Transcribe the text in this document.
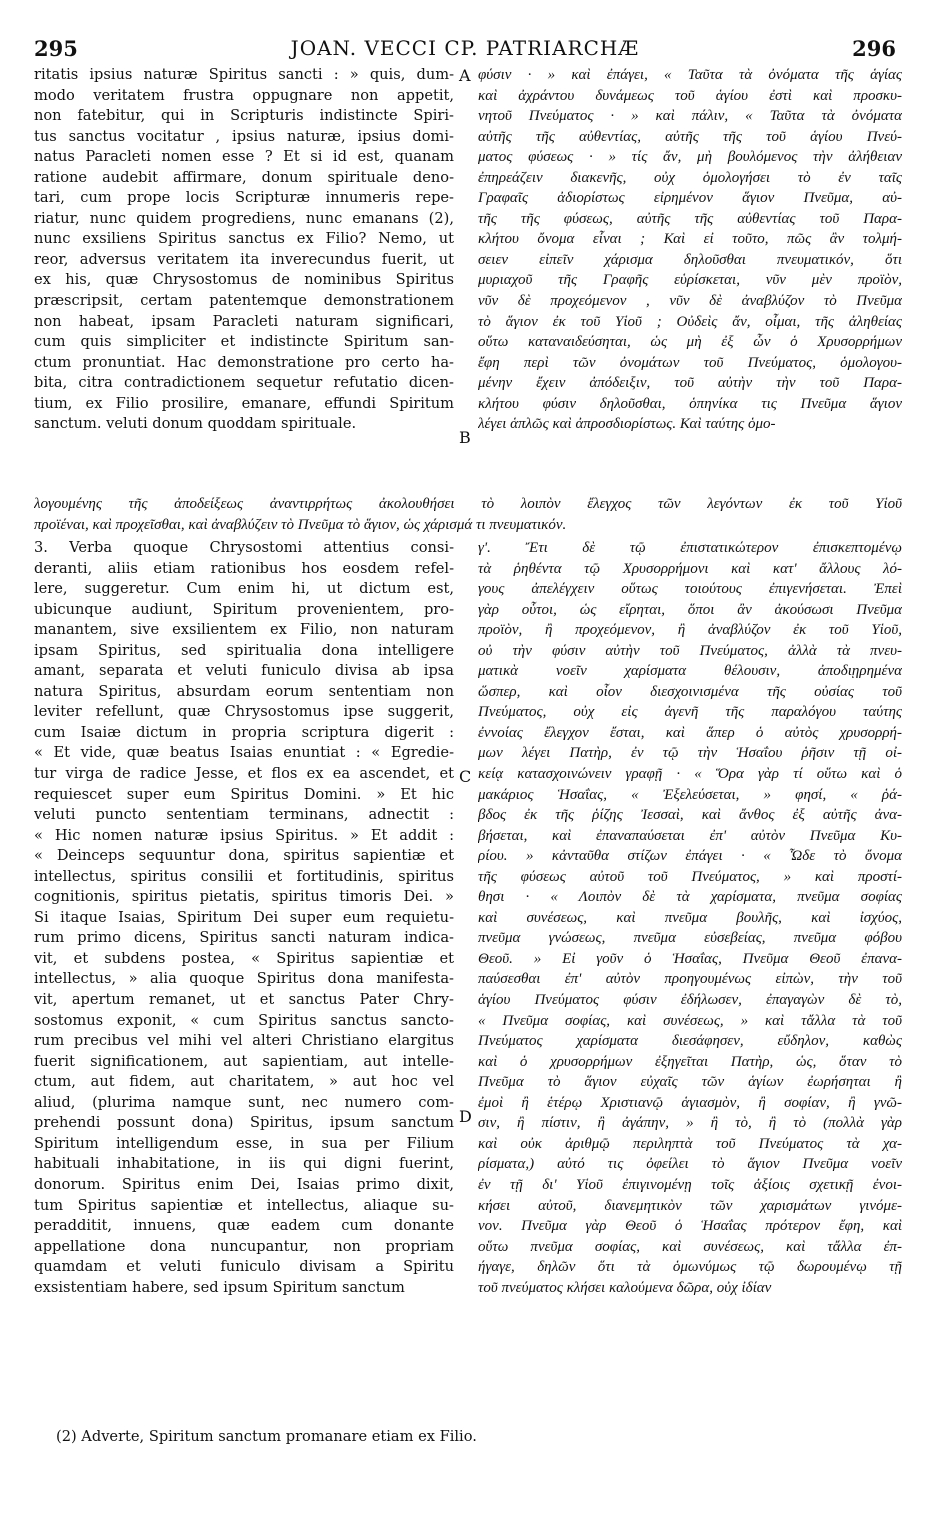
295	JOAN. VECCI CP. PATRIARCHÆ	296
A
B
C
D

ritatis ipsius naturæ Spiritus sancti : » quis, dum-

modo veritatem frustra oppugnare non appetit,

non fatebitur, qui in Scripturis indistincte Spiri-

tus sanctus vocitatur , ipsius naturæ, ipsius domi-

natus Paracleti nomen esse ? Et si id est, quanam

ratione audebit affirmare, donum spirituale deno-

tari, cum prope locis Scripturæ innumeris repe-

riatur, nunc quidem progrediens, nunc emanans (2),

nunc exsiliens Spiritus sanctus ex Filio? Nemo, ut

reor, adversus veritatem ita inverecundus fuerit, ut

ex his, quæ Chrysostomus de nominibus Spiritus

præscripsit, certam patentemque demonstrationem

non habeat, ipsam Paracleti naturam significari,

cum quis simpliciter et indistincte Spiritum san-

ctum pronuntiat. Hac demonstratione pro certo ha-

bita, citra contradictionem sequetur refutatio dicen-

tium, ex Filio prosilire, emanare, effundi Spiritum

sanctum. veluti donum quoddam spirituale.

φύσιν · » καὶ ἐπάγει, « Ταῦτα τὰ ὀνόματα τῆς ἁγίας

καὶ ἀχράντου δυνάμεως τοῦ ἁγίου ἐστὶ καὶ προσκυ-

νητοῦ Πνεύματος · » καὶ πάλιν, « Ταῦτα τὰ ὀνόματα

αὐτῆς τῆς αὐθεντίας, αὐτῆς τῆς τοῦ ἁγίου Πνεύ-

ματος φύσεως · » τίς ἄν, μὴ βουλόμενος τὴν ἀλήθειαν

ἐπηρεάζειν διακενῆς, οὐχ ὁμολογήσει τὸ ἐν ταῖς

Γραφαῖς ἀδιορίστως εἰρημένον ἅγιον Πνεῦμα, αὐ-

τῆς τῆς φύσεως, αὐτῆς τῆς αὐθεντίας τοῦ Παρα-

κλήτου ὄνομα εἶναι ; Καὶ εἰ τοῦτο, πῶς ἂν τολμή-

σειεν εἰπεῖν χάρισμα δηλοῦσθαι πνευματικόν, ὅτι

μυριαχοῦ τῆς Γραφῆς εὑρίσκεται, νῦν μὲν προϊὸν,

νῦν δὲ προχεόμενον , νῦν δὲ ἀναβλύζον τὸ Πνεῦμα

τὸ ἅγιον ἐκ τοῦ Υἱοῦ ; Οὐδεὶς ἄν, οἶμαι, τῆς ἀληθείας

οὕτω καταναιδεύσηται, ὡς μὴ ἐξ ὧν ὁ Χρυσορρήμων

ἔφη περὶ τῶν ὀνομάτων τοῦ Πνεύματος, ὁμολογου-

μένην ἔχειν ἀπόδειξιν, τοῦ αὐτὴν τὴν τοῦ Παρα-

κλήτου φύσιν δηλοῦσθαι, ὁπηνίκα τις Πνεῦμα ἅγιον

λέγει ἁπλῶς καὶ ἀπροσδιορίστως. Καὶ ταύτης ὁμο-

λογουμένης τῆς ἀποδείξεως ἀναντιρρήτως ἀκολουθήσει τὸ λοιπὸν ἔλεγχος τῶν λεγόντων ἐκ τοῦ Υἱοῦ

προϊέναι, καὶ προχεῖσθαι, καὶ ἀναβλύζειν τὸ Πνεῦμα τὸ ἅγιον, ὡς χάρισμά τι πνευματικόν.

3. Verba quoque Chrysostomi attentius consi-

deranti, aliis etiam rationibus hos eosdem refel-

lere, suggeretur. Cum enim hi, ut dictum est,

ubicunque audiunt, Spiritum provenientem, pro-

manantem, sive exsilientem ex Filio, non naturam

ipsam Spiritus, sed spiritualia dona intelligere

amant, separata et veluti funiculo divisa ab ipsa

natura Spiritus, absurdam eorum sententiam non

leviter refellunt, quæ Chrysostomus ipse suggerit,

cum Isaiæ dictum in propria scriptura digerit :

« Et vide, quæ beatus Isaias enuntiat : « Egredie-

tur virga de radice Jesse, et flos ex ea ascendet, et

requiescet super eum Spiritus Domini. » Et hic

veluti puncto sententiam terminans, adnectit :

« Hic nomen naturæ ipsius Spiritus. » Et addit :

« Deinceps sequuntur dona, spiritus sapientiæ et

intellectus, spiritus consilii et fortitudinis, spiritus

cognitionis, spiritus pietatis, spiritus timoris Dei. »

Si itaque Isaias, Spiritum Dei super eum requietu-

rum primo dicens, Spiritus sancti naturam indica-

vit, et subdens postea, « Spiritus sapientiæ et

intellectus, » alia quoque Spiritus dona manifesta-

vit, apertum remanet, ut et sanctus Pater Chry-

sostomus exponit, « cum Spiritus sanctus sancto-

rum precibus vel mihi vel alteri Christiano elargitus

fuerit significationem, aut sapientiam, aut intelle-

ctum, aut fidem, aut charitatem, » aut hoc vel

aliud, (plurima namque sunt, nec numero com-

prehendi possunt dona) Spiritus, ipsum sanctum

Spiritum intelligendum esse, in sua per Filium

habituali inhabitatione, in iis qui digni fuerint,

donorum. Spiritus enim Dei, Isaias primo dixit,

tum Spiritus sapientiæ et intellectus, aliaque su-

peradditit, innuens, quæ eadem cum donante

appellatione dona nuncupantur, non propriam

quamdam et veluti funiculo divisam a Spiritu

exsistentiam habere, sed ipsum Spiritum sanctum

γ'. Ἔτι δὲ τῷ ἐπιστατικώτερον ἐπισκεπτομένῳ

τὰ ῥηθέντα τῷ Χρυσορρήμονι καὶ κατ' ἄλλους λό-

γους ἀπελέγχειν οὕτως τοιούτους ἐπιγενήσεται. Ἐπεὶ

γὰρ οὗτοι, ὡς εἴρηται, ὅποι ἂν ἀκούσωσι Πνεῦμα

προϊὸν, ἢ προχεόμενον, ἢ ἀναβλύζον ἐκ τοῦ Υἱοῦ,

οὐ τὴν φύσιν αὐτὴν τοῦ Πνεύματος, ἀλλὰ τὰ πνευ-

ματικὰ νοεῖν χαρίσματα θέλουσιν, ἀποδιῃρημένα

ὥσπερ, καὶ οἷον διεσχοινισμένα τῆς οὐσίας τοῦ

Πνεύματος, οὐχ εἰς ἀγενῆ τῆς παραλόγου ταύτης

ἐννοίας ἔλεγχον ἔσται, καὶ ἅπερ ὁ αὐτὸς χρυσορρή-

μων λέγει Πατὴρ, ἐν τῷ τὴν Ἡσαΐου ῥῆσιν τῇ οἰ-

κείᾳ κατασχοινώνειν γραφῇ · « Ὅρα γὰρ τί οὕτω καὶ ὁ

μακάριος Ἡσαΐας, « Ἐξελεύσεται, » φησί, « ῥά-

βδος ἐκ τῆς ῥίζης Ἰεσσαὶ, καὶ ἄνθος ἐξ αὐτῆς ἀνα-

βήσεται, καὶ ἐπαναπαύσεται ἐπ' αὐτὸν Πνεῦμα Κυ-

ρίου. » κἀνταῦθα στίζων ἐπάγει · « Ὧδε τὸ ὄνομα

τῆς φύσεως αὐτοῦ τοῦ Πνεύματος, » καὶ προστί-

θησι · « Λοιπὸν δὲ τὰ χαρίσματα, πνεῦμα σοφίας

καὶ συνέσεως, καὶ πνεῦμα βουλῆς, καὶ ἰσχύος,

πνεῦμα γνώσεως, πνεῦμα εὐσεβείας, πνεῦμα φόβου

Θεοῦ. » Εἰ γοῦν ὁ Ἡσαΐας, Πνεῦμα Θεοῦ ἐπανα-

παύσεσθαι ἐπ' αὐτὸν προηγουμένως εἰπὼν, τὴν τοῦ

ἁγίου Πνεύματος φύσιν ἐδήλωσεν, ἐπαγαγὼν δὲ τὸ,

« Πνεῦμα σοφίας, καὶ συνέσεως, » καὶ τἄλλα τὰ τοῦ

Πνεύματος χαρίσματα διεσάφησεν, εὔδηλον, καθὼς

καὶ ὁ χρυσορρήμων ἐξηγεῖται Πατὴρ, ὡς, ὅταν τὸ

Πνεῦμα τὸ ἅγιον εὐχαῖς τῶν ἁγίων ἐωρήσηται ἢ

ἐμοὶ ἢ ἑτέρῳ Χριστιανῷ ἁγιασμὸν, ἢ σοφίαν, ἢ γνῶ-

σιν, ἢ πίστιν, ἢ ἀγάπην, » ἢ τὸ, ἢ τὸ (πολλὰ γὰρ

καὶ οὐκ ἀριθμῷ περιληπτὰ τοῦ Πνεύματος τὰ χα-

ρίσματα,) αὐτό τις ὀφείλει τὸ ἅγιον Πνεῦμα νοεῖν

ἐν τῇ δι' Υἱοῦ ἐπιγινομένῃ τοῖς ἀξίοις σχετικῇ ἐνοι-

κήσει αὐτοῦ, διανεμητικὸν τῶν χαρισμάτων γινόμε-

νον. Πνεῦμα γὰρ Θεοῦ ὁ Ἡσαΐας πρότερον ἔφη, καὶ

οὕτω πνεῦμα σοφίας, καὶ συνέσεως, καὶ τἄλλα ἐπ-

ήγαγε, δηλῶν ὅτι τὰ ὁμωνύμως τῷ δωρουμένῳ τῇ

τοῦ πνεύματος κλήσει καλούμενα δῶρα, οὐχ ἰδίαν

(2) Adverte, Spiritum sanctum promanare etiam ex Filio.
